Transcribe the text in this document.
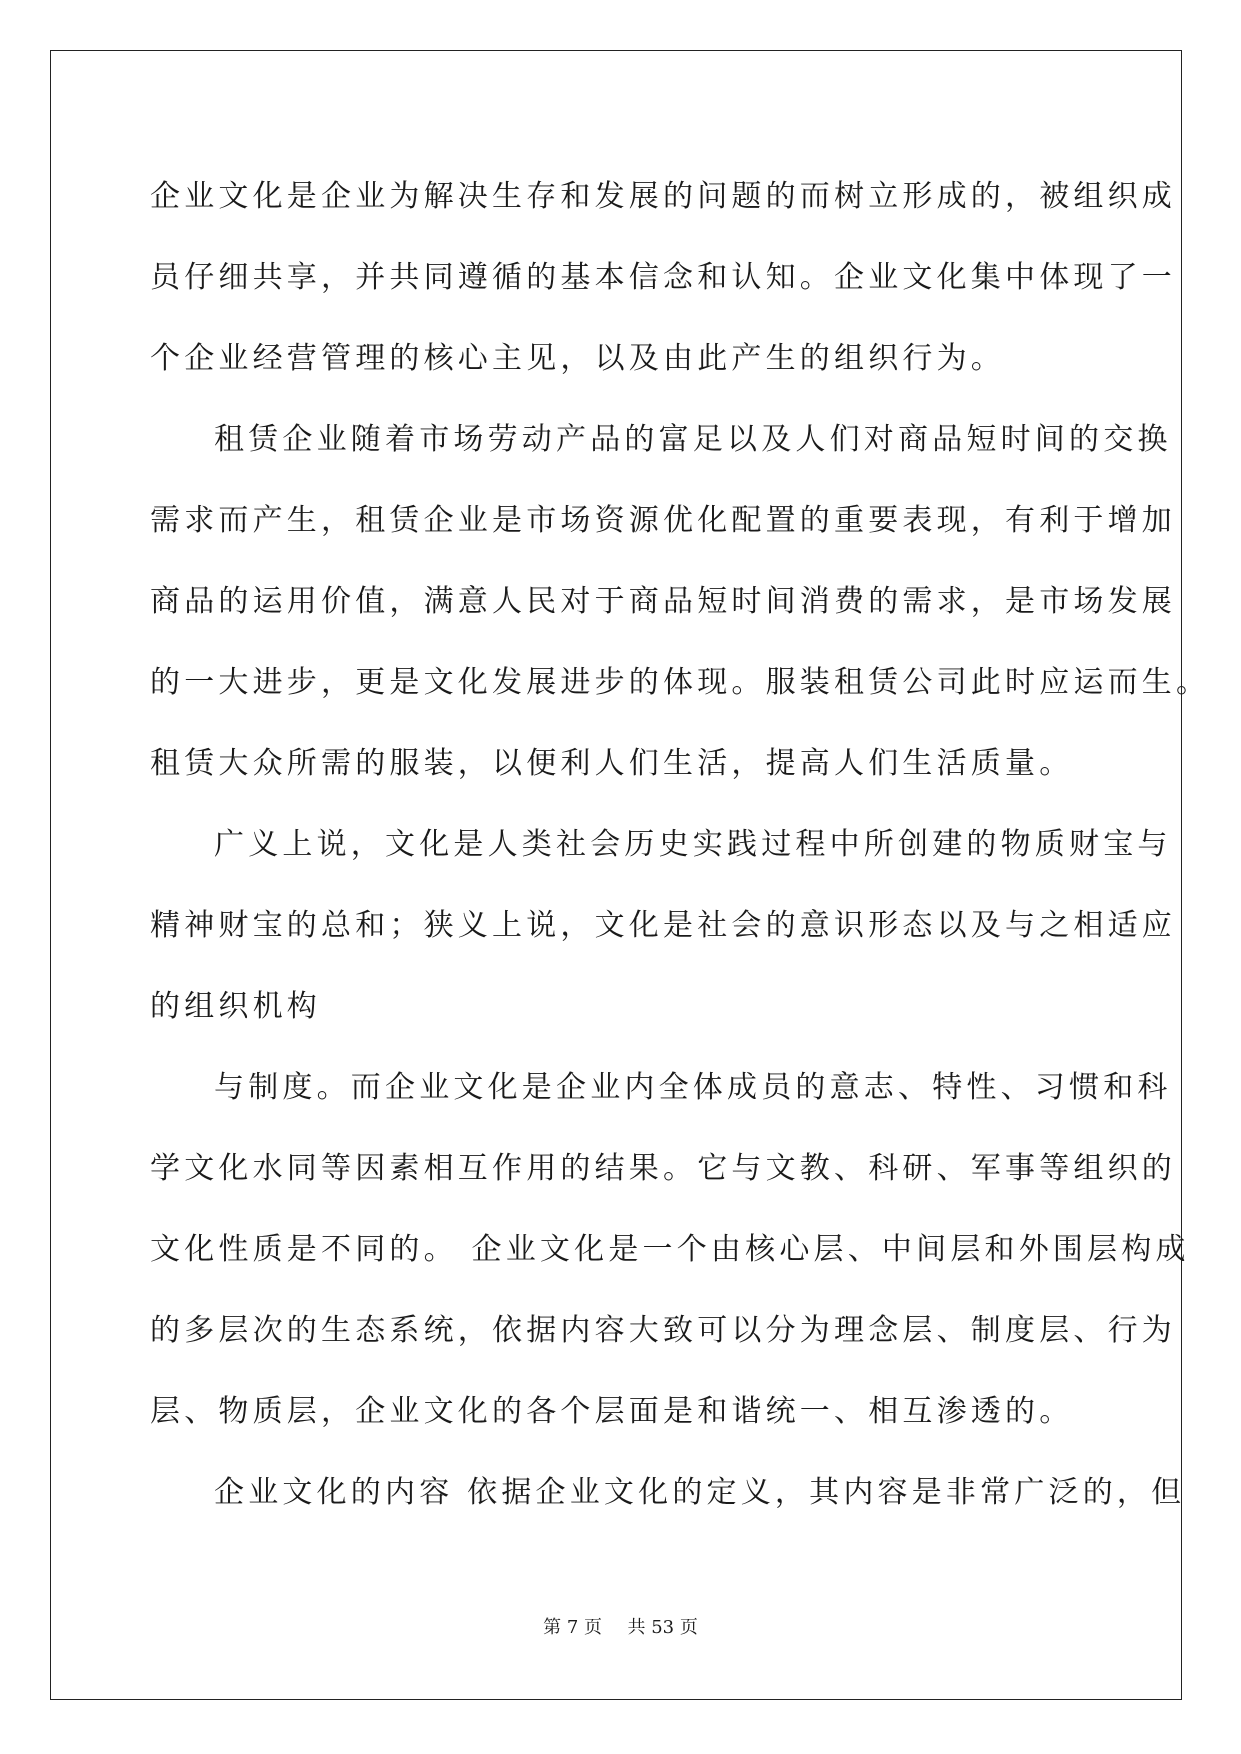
企业文化是企业为解决生存和发展的问题的而树立形成的，被组织成
员仔细共享，并共同遵循的基本信念和认知。企业文化集中体现了一
个企业经营管理的核心主见，以及由此产生的组织行为。
租赁企业随着市场劳动产品的富足以及人们对商品短时间的交换
需求而产生，租赁企业是市场资源优化配置的重要表现，有利于增加
商品的运用价值，满意人民对于商品短时间消费的需求，是市场发展
的一大进步，更是文化发展进步的体现。服装租赁公司此时应运而生。
租赁大众所需的服装，以便利人们生活，提高人们生活质量。
广义上说，文化是人类社会历史实践过程中所创建的物质财宝与
精神财宝的总和；狭义上说，文化是社会的意识形态以及与之相适应
的组织机构
与制度。而企业文化是企业内全体成员的意志、特性、习惯和科
学文化水同等因素相互作用的结果。它与文教、科研、军事等组织的
文化性质是不同的。 企业文化是一个由核心层、中间层和外围层构成
的多层次的生态系统，依据内容大致可以分为理念层、制度层、行为
层、物质层，企业文化的各个层面是和谐统一、相互渗透的。
企业文化的内容 依据企业文化的定义，其内容是非常广泛的，但
第 7 页 共 53 页
